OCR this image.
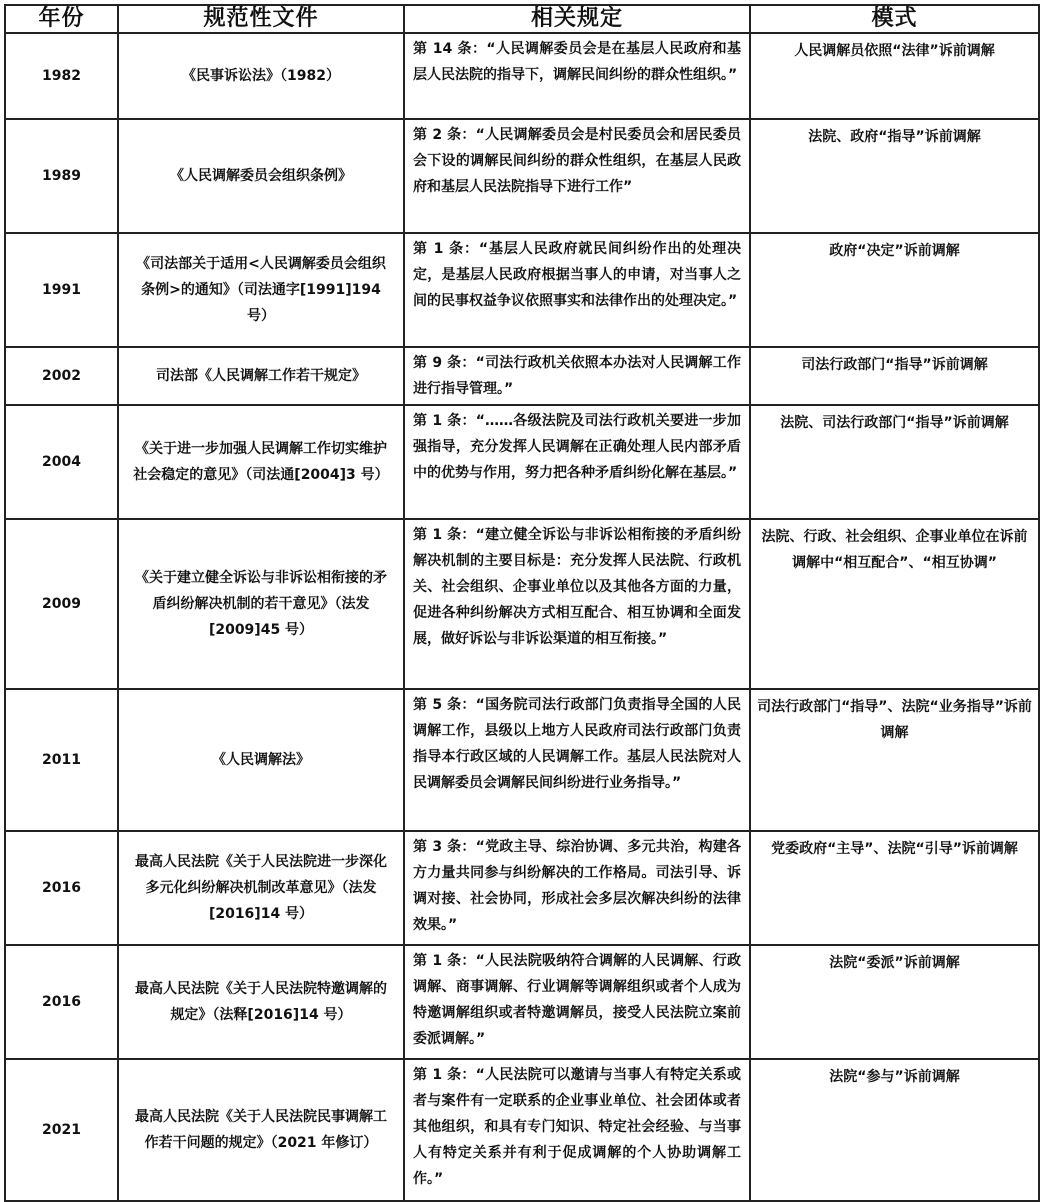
年份	规范性文件	相关规定	模式
1982	《民事诉讼法》（1982）	第 14 条：“人民调解委员会是在基层人民政府和基层人民法院的指导下，调解民间纠纷的群众性组织。”	人民调解员依照“法律”诉前调解
1989	《人民调解委员会组织条例》	第 2 条：“人民调解委员会是村民委员会和居民委员会下设的调解民间纠纷的群众性组织，在基层人民政府和基层人民法院指导下进行工作”	法院、政府“指导”诉前调解
1991	《司法部关于适用<人民调解委员会组织条例>的通知》（司法通字[1991]194 号）	第 1 条：“基层人民政府就民间纠纷作出的处理决定，是基层人民政府根据当事人的申请，对当事人之间的民事权益争议依照事实和法律作出的处理决定。”	政府“决定”诉前调解
2002	司法部《人民调解工作若干规定》	第 9 条：“司法行政机关依照本办法对人民调解工作进行指导管理。”	司法行政部门“指导”诉前调解
2004	《关于进一步加强人民调解工作切实维护社会稳定的意见》（司法通[2004]3 号）	第 1 条：“……各级法院及司法行政机关要进一步加强指导，充分发挥人民调解在正确处理人民内部矛盾中的优势与作用，努力把各种矛盾纠纷化解在基层。”	法院、司法行政部门“指导”诉前调解
2009	《关于建立健全诉讼与非诉讼相衔接的矛盾纠纷解决机制的若干意见》（法发[2009]45 号）	第 1 条：“建立健全诉讼与非诉讼相衔接的矛盾纠纷解决机制的主要目标是：充分发挥人民法院、行政机关、社会组织、企事业单位以及其他各方面的力量，促进各种纠纷解决方式相互配合、相互协调和全面发展，做好诉讼与非诉讼渠道的相互衔接。”	法院、行政、社会组织、企事业单位在诉前调解中“相互配合”、“相互协调”
2011	《人民调解法》	第 5 条：“国务院司法行政部门负责指导全国的人民调解工作，县级以上地方人民政府司法行政部门负责指导本行政区域的人民调解工作。基层人民法院对人民调解委员会调解民间纠纷进行业务指导。”	司法行政部门“指导”、法院“业务指导”诉前调解
2016	最高人民法院《关于人民法院进一步深化多元化纠纷解决机制改革意见》（法发[2016]14 号）	第 3 条：“党政主导、综治协调、多元共治，构建各方力量共同参与纠纷解决的工作格局。司法引导、诉调对接、社会协同，形成社会多层次解决纠纷的法律效果。”	党委政府“主导”、法院“引导”诉前调解
2016	最高人民法院《关于人民法院特邀调解的规定》（法释[2016]14 号）	第 1 条：“人民法院吸纳符合调解的人民调解、行政调解、商事调解、行业调解等调解组织或者个人成为特邀调解组织或者特邀调解员，接受人民法院立案前委派调解。”	法院“委派”诉前调解
2021	最高人民法院《关于人民法院民事调解工作若干问题的规定》（2021 年修订）	第 1 条：“人民法院可以邀请与当事人有特定关系或者与案件有一定联系的企业事业单位、社会团体或者其他组织，和具有专门知识、特定社会经验、与当事人有特定关系并有利于促成调解的个人协助调解工作。”	法院“参与”诉前调解
